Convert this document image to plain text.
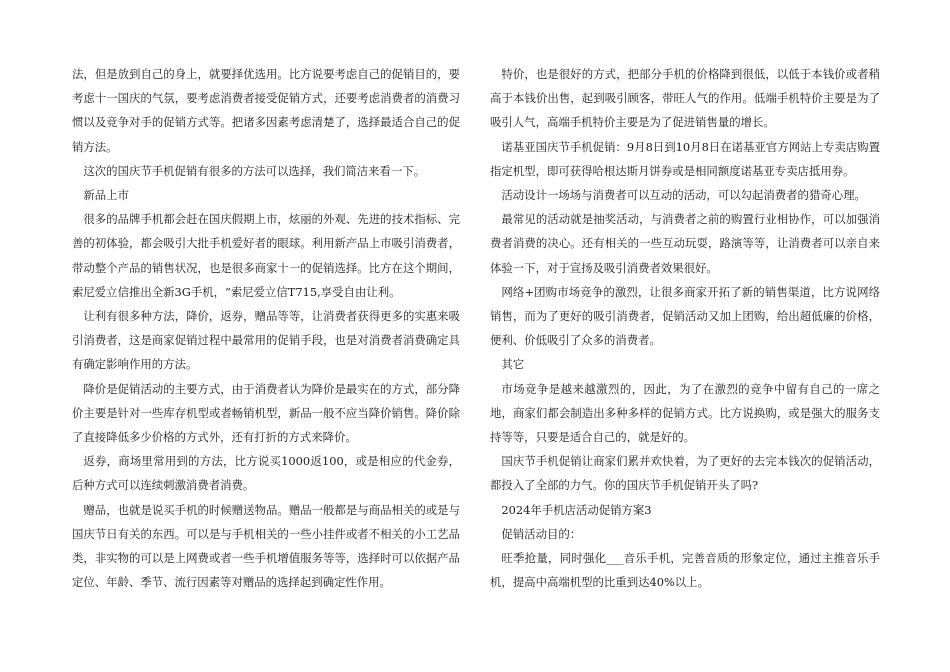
法，但是放到自己的身上，就要择优选用。比方说要考虑自己的促销目的，要考虑十一国庆的气氛，要考虑消费者接受促销方式，还要考虑消费者的消费习惯以及竞争对手的促销方式等。把诸多因素考虑清楚了，选择最适合自己的促销方法。

这次的国庆节手机促销有很多的方法可以选择，我们简洁来看一下。

新品上市

很多的品牌手机都会赶在国庆假期上市，炫丽的外观、先进的技术指标、完善的初体验，都会吸引大批手机爱好者的眼球。利用新产品上市吸引消费者，带动整个产品的销售状况，也是很多商家十一的促销选择。比方在这个期间，索尼爱立信推出全新3G手机，“索尼爱立信T715,享受自由让利。

让利有很多种方法，降价，返券，赠品等等，让消费者获得更多的实惠来吸引消费者，这是商家促销过程中最常用的促销手段，也是对消费者消费确定具有确定影响作用的方法。

降价是促销活动的主要方式，由于消费者认为降价是最实在的方式，部分降价主要是针对一些库存机型或者畅销机型，新品一般不应当降价销售。降价除了直接降低多少价格的方式外，还有打折的方式来降价。

返券，商场里常用到的方法，比方说买1000返100，或是相应的代金券，后种方式可以连续刺激消费者消费。

赠品，也就是说买手机的时候赠送物品。赠品一般都是与商品相关的或是与国庆节日有关的东西。可以是与手机相关的一些小挂件或者不相关的小工艺品类，非实物的可以是上网费或者一些手机增值服务等等，选择时可以依据产品定位、年龄、季节、流行因素等对赠品的选择起到确定性作用。

特价，也是很好的方式，把部分手机的价格降到很低，以低于本钱价或者稍高于本钱价出售，起到吸引顾客，带旺人气的作用。低端手机特价主要是为了吸引人气，高端手机特价主要是为了促进销售量的增长。

诺基亚国庆节手机促销：9月8日到10月8日在诺基亚官方网站上专卖店购置指定机型，即可获得哈根达斯月饼券或是相同额度诺基亚专卖店抵用券。

活动设计一场场与消费者可以互动的活动，可以勾起消费者的猎奇心理。

最常见的活动就是抽奖活动，与消费者之前的购置行业相协作，可以加强消费者消费的决心。还有相关的一些互动玩耍，路演等等，让消费者可以亲自来体验一下，对于宣扬及吸引消费者效果很好。

网络+团购市场竞争的激烈，让很多商家开拓了新的销售渠道，比方说网络销售，而为了更好的吸引消费者，促销活动又加上团购，给出超低廉的价格，便利、价低吸引了众多的消费者。

其它

市场竞争是越来越激烈的，因此，为了在激烈的竞争中留有自己的一席之地，商家们都会制造出多种多样的促销方式。比方说换购，或是强大的服务支持等等，只要是适合自己的，就是好的。

国庆节手机促销让商家们累并欢快着，为了更好的去完本钱次的促销活动，都投入了全部的力气。你的国庆节手机促销开头了吗?

2024年手机店活动促销方案3

促销活动目的：

旺季抢量，同时强化___音乐手机，完善音质的形象定位，通过主推音乐手机，提高中高端机型的比重到达40%以上。
